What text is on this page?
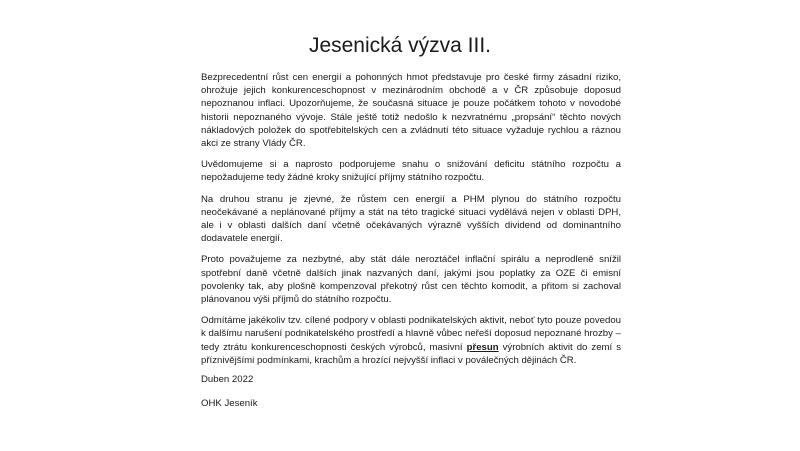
Jesenická výzva III.

Bezprecedentní růst cen energií a pohonných hmot představuje pro české firmy zásadní riziko, ohrožuje jejich konkurenceschopnost v mezinárodním obchodě a v ČR způsobuje doposud nepoznanou inflaci. Upozorňujeme, že současná situace je pouze počátkem tohoto v novodobé historii nepoznaného vývoje. Stále ještě totiž nedošlo k nezvratnému „propsání“ těchto nových nákladových položek do spotřebitelských cen a zvládnutí této situace vyžaduje rychlou a ráznou akci ze strany Vlády ČR.

Uvědomujeme si a naprosto podporujeme snahu o snižování deficitu státního rozpočtu a nepožadujeme tedy žádné kroky snižující příjmy státního rozpočtu.

Na druhou stranu je zjevné, že růstem cen energií a PHM plynou do státního rozpočtu neočekávané a neplánované příjmy a stát na této tragické situaci vydělává nejen v oblasti DPH, ale i v oblasti dalších daní včetně očekávaných výrazně vyšších dividend od dominantního dodavatele energií.

Proto považujeme za nezbytné, aby stát dále neroztáčel inflační spirálu a neprodleně snížil spotřební daně včetně dalších jinak nazvaných daní, jakými jsou poplatky za OZE či emisní povolenky tak, aby plošně kompenzoval překotný růst cen těchto komodit, a přitom si zachoval plánovanou výši příjmů do státního rozpočtu.

Odmítáme jakékoliv tzv. cílené podpory v oblasti podnikatelských aktivit, neboť tyto pouze povedou k dalšímu narušení podnikatelského prostředí a hlavně vůbec neřeší doposud nepoznané hrozby – tedy ztrátu konkurenceschopnosti českých výrobců, masivní přesun výrobních aktivit do zemí s příznivějšími podmínkami, krachům a hrozící nejvyšší inflaci v poválečných dějinách ČR.

Duben 2022
OHK Jeseník
